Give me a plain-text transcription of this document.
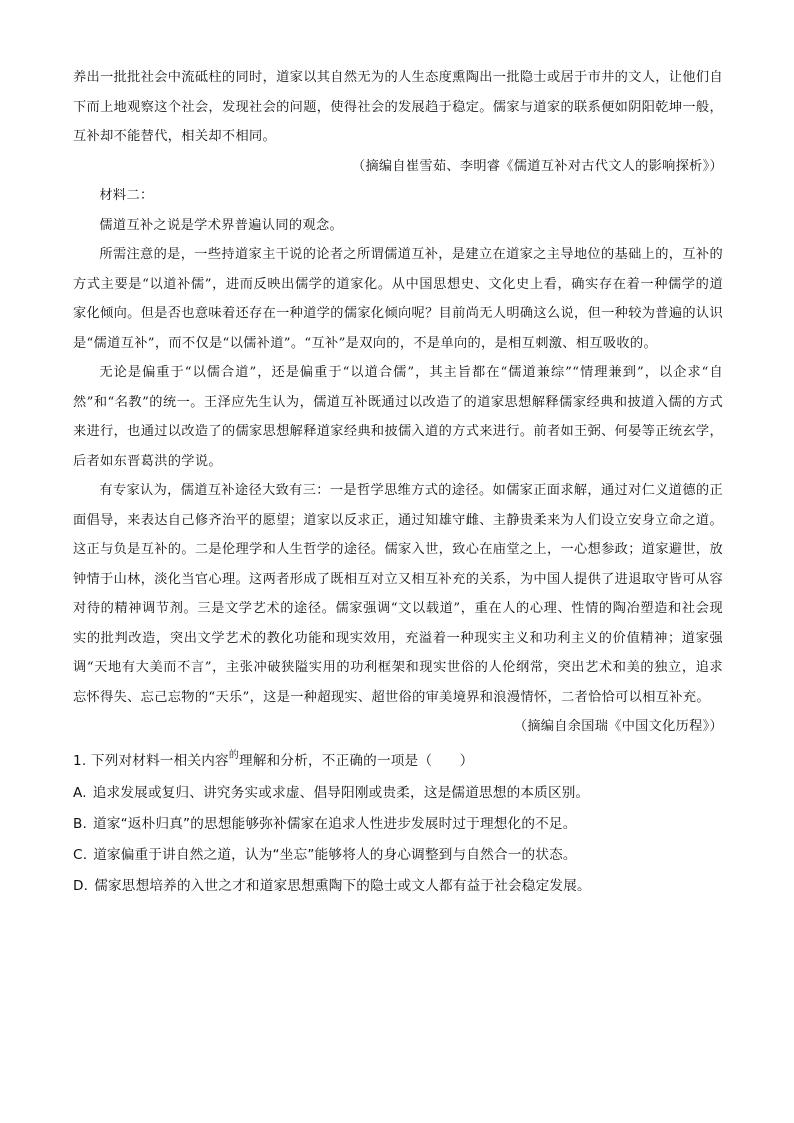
养出一批批社会中流砥柱的同时，道家以其自然无为的人生态度熏陶出一批隐士或居于市井的文人，让他们自下而上地观察这个社会，发现社会的问题，使得社会的发展趋于稳定。儒家与道家的联系便如阴阳乾坤一般，互补却不能替代，相关却不相同。

（摘编自崔雪茹、李明睿《儒道互补对古代文人的影响探析》）

材料二：

儒道互补之说是学术界普遍认同的观念。

所需注意的是，一些持道家主干说的论者之所谓儒道互补，是建立在道家之主导地位的基础上的，互补的方式主要是“以道补儒”，进而反映出儒学的道家化。从中国思想史、文化史上看，确实存在着一种儒学的道家化倾向。但是否也意味着还存在一种道学的儒家化倾向呢？目前尚无人明确这么说，但一种较为普遍的认识是“儒道互补”，而不仅是“以儒补道”。“互补”是双向的，不是单向的，是相互刺激、相互吸收的。

无论是偏重于“以儒合道”，还是偏重于“以道合儒”，其主旨都在“儒道兼综”“情理兼到”，以企求“自然”和“名教”的统一。王泽应先生认为，儒道互补既通过以改造了的道家思想解释儒家经典和披道入儒的方式来进行，也通过以改造了的儒家思想解释道家经典和披儒入道的方式来进行。前者如王弼、何晏等正统玄学，后者如东晋葛洪的学说。

有专家认为，儒道互补途径大致有三：一是哲学思维方式的途径。如儒家正面求解，通过对仁义道德的正面倡导，来表达自己修齐治平的愿望；道家以反求正，通过知雄守雌、主静贵柔来为人们设立安身立命之道。这正与负是互补的。二是伦理学和人生哲学的途径。儒家入世，致心在庙堂之上，一心想参政；道家避世，放钟情于山林，淡化当官心理。这两者形成了既相互对立又相互补充的关系，为中国人提供了进退取守皆可从容对待的精神调节剂。三是文学艺术的途径。儒家强调“文以载道”，重在人的心理、性情的陶冶塑造和社会现实的批判改造，突出文学艺术的教化功能和现实效用，充溢着一种现实主义和功利主义的价值精神；道家强调“天地有大美而不言”，主张冲破狭隘实用的功利框架和现实世俗的人伦纲常，突出艺术和美的独立，追求忘怀得失、忘己忘物的“天乐”，这是一种超现实、超世俗的审美境界和浪漫情怀，二者恰恰可以相互补充。

（摘编自余国瑞《中国文化历程》）

1. 下列对材料一相关内容$^的$理解和分析，不正确的一项是（　　）

A. 追求发展或复归、讲究务实或求虚、倡导阳刚或贵柔，这是儒道思想的本质区别。

B. 道家“返朴归真”的思想能够弥补儒家在追求人性进步发展时过于理想化的不足。

C. 道家偏重于讲自然之道，认为“坐忘”能够将人的身心调整到与自然合一的状态。

D. 儒家思想培养的入世之才和道家思想熏陶下的隐士或文人都有益于社会稳定发展。
